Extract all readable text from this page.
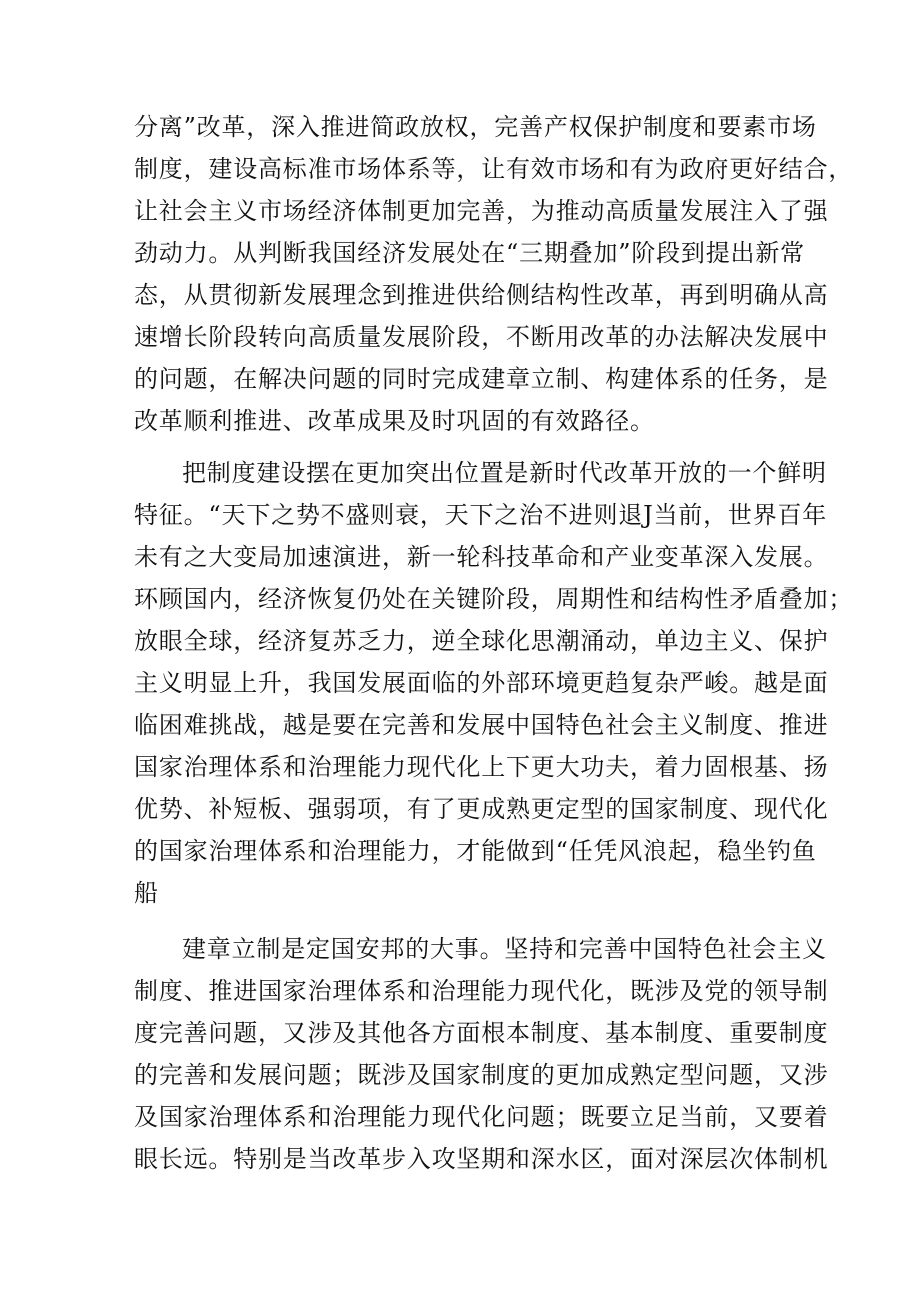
分离”改革，深入推进简政放权，完善产权保护制度和要素市场

制度，建设高标准市场体系等，让有效市场和有为政府更好结合，

让社会主义市场经济体制更加完善，为推动高质量发展注入了强

劲动力。从判断我国经济发展处在“三期叠加”阶段到提出新常

态，从贯彻新发展理念到推进供给侧结构性改革，再到明确从高

速增长阶段转向高质量发展阶段，不断用改革的办法解决发展中

的问题，在解决问题的同时完成建章立制、构建体系的任务，是

改革顺利推进、改革成果及时巩固的有效路径。

把制度建设摆在更加突出位置是新时代改革开放的一个鲜明

特征。“天下之势不盛则衰，天下之治不进则退J当前，世界百年

未有之大变局加速演进，新一轮科技革命和产业变革深入发展。

环顾国内，经济恢复仍处在关键阶段，周期性和结构性矛盾叠加；

放眼全球，经济复苏乏力，逆全球化思潮涌动，单边主义、保护

主义明显上升，我国发展面临的外部环境更趋复杂严峻。越是面

临困难挑战，越是要在完善和发展中国特色社会主义制度、推进

国家治理体系和治理能力现代化上下更大功夫，着力固根基、扬

优势、补短板、强弱项，有了更成熟更定型的国家制度、现代化

的国家治理体系和治理能力，才能做到“任凭风浪起，稳坐钓鱼

船

建章立制是定国安邦的大事。坚持和完善中国特色社会主义

制度、推进国家治理体系和治理能力现代化，既涉及党的领导制

度完善问题，又涉及其他各方面根本制度、基本制度、重要制度

的完善和发展问题；既涉及国家制度的更加成熟定型问题，又涉

及国家治理体系和治理能力现代化问题；既要立足当前，又要着

眼长远。特别是当改革步入攻坚期和深水区，面对深层次体制机
